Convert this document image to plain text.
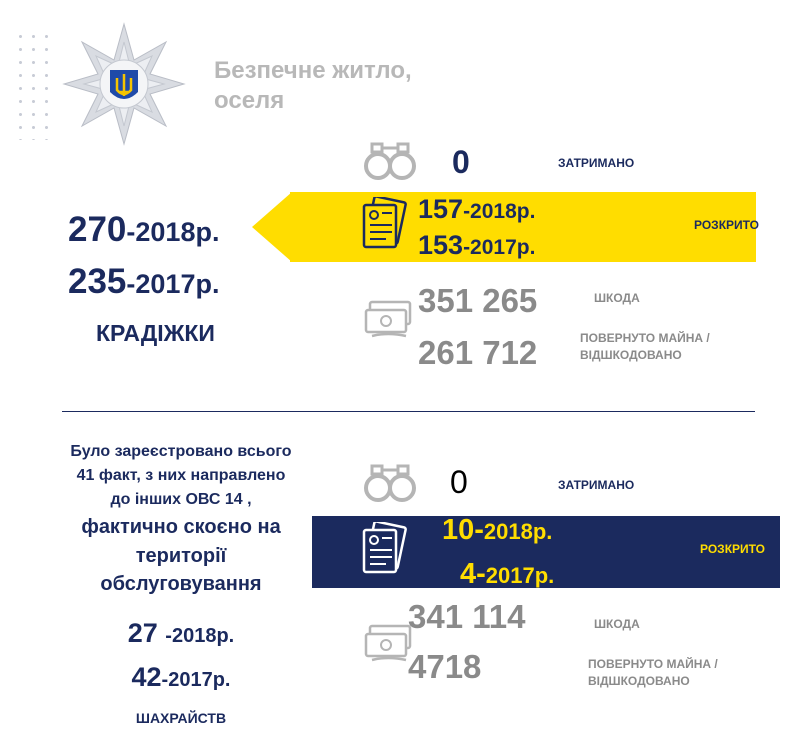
Безпечне житло,
оселя
270-2018р.
235-2017р.
КРАДІЖКИ
0	ЗАТРИМАНО
157-2018р.
153-2017р.
РОЗКРИТО
351 265	ШКОДА
261 712	ПОВЕРНУТО МАЙНА /
ВІДШКОДОВАНО
Було зареєстровано всього
41 факт, з них направлено
до інших ОВС 14 ,
фактично скоєно на
території
обслуговування
27 -2018р.
42-2017р.
ШАХРАЙСТВ
0	ЗАТРИМАНО
10-2018р.
4-2017р.
РОЗКРИТО
341 114	ШКОДА
4718	ПОВЕРНУТО МАЙНА /
ВІДШКОДОВАНО
